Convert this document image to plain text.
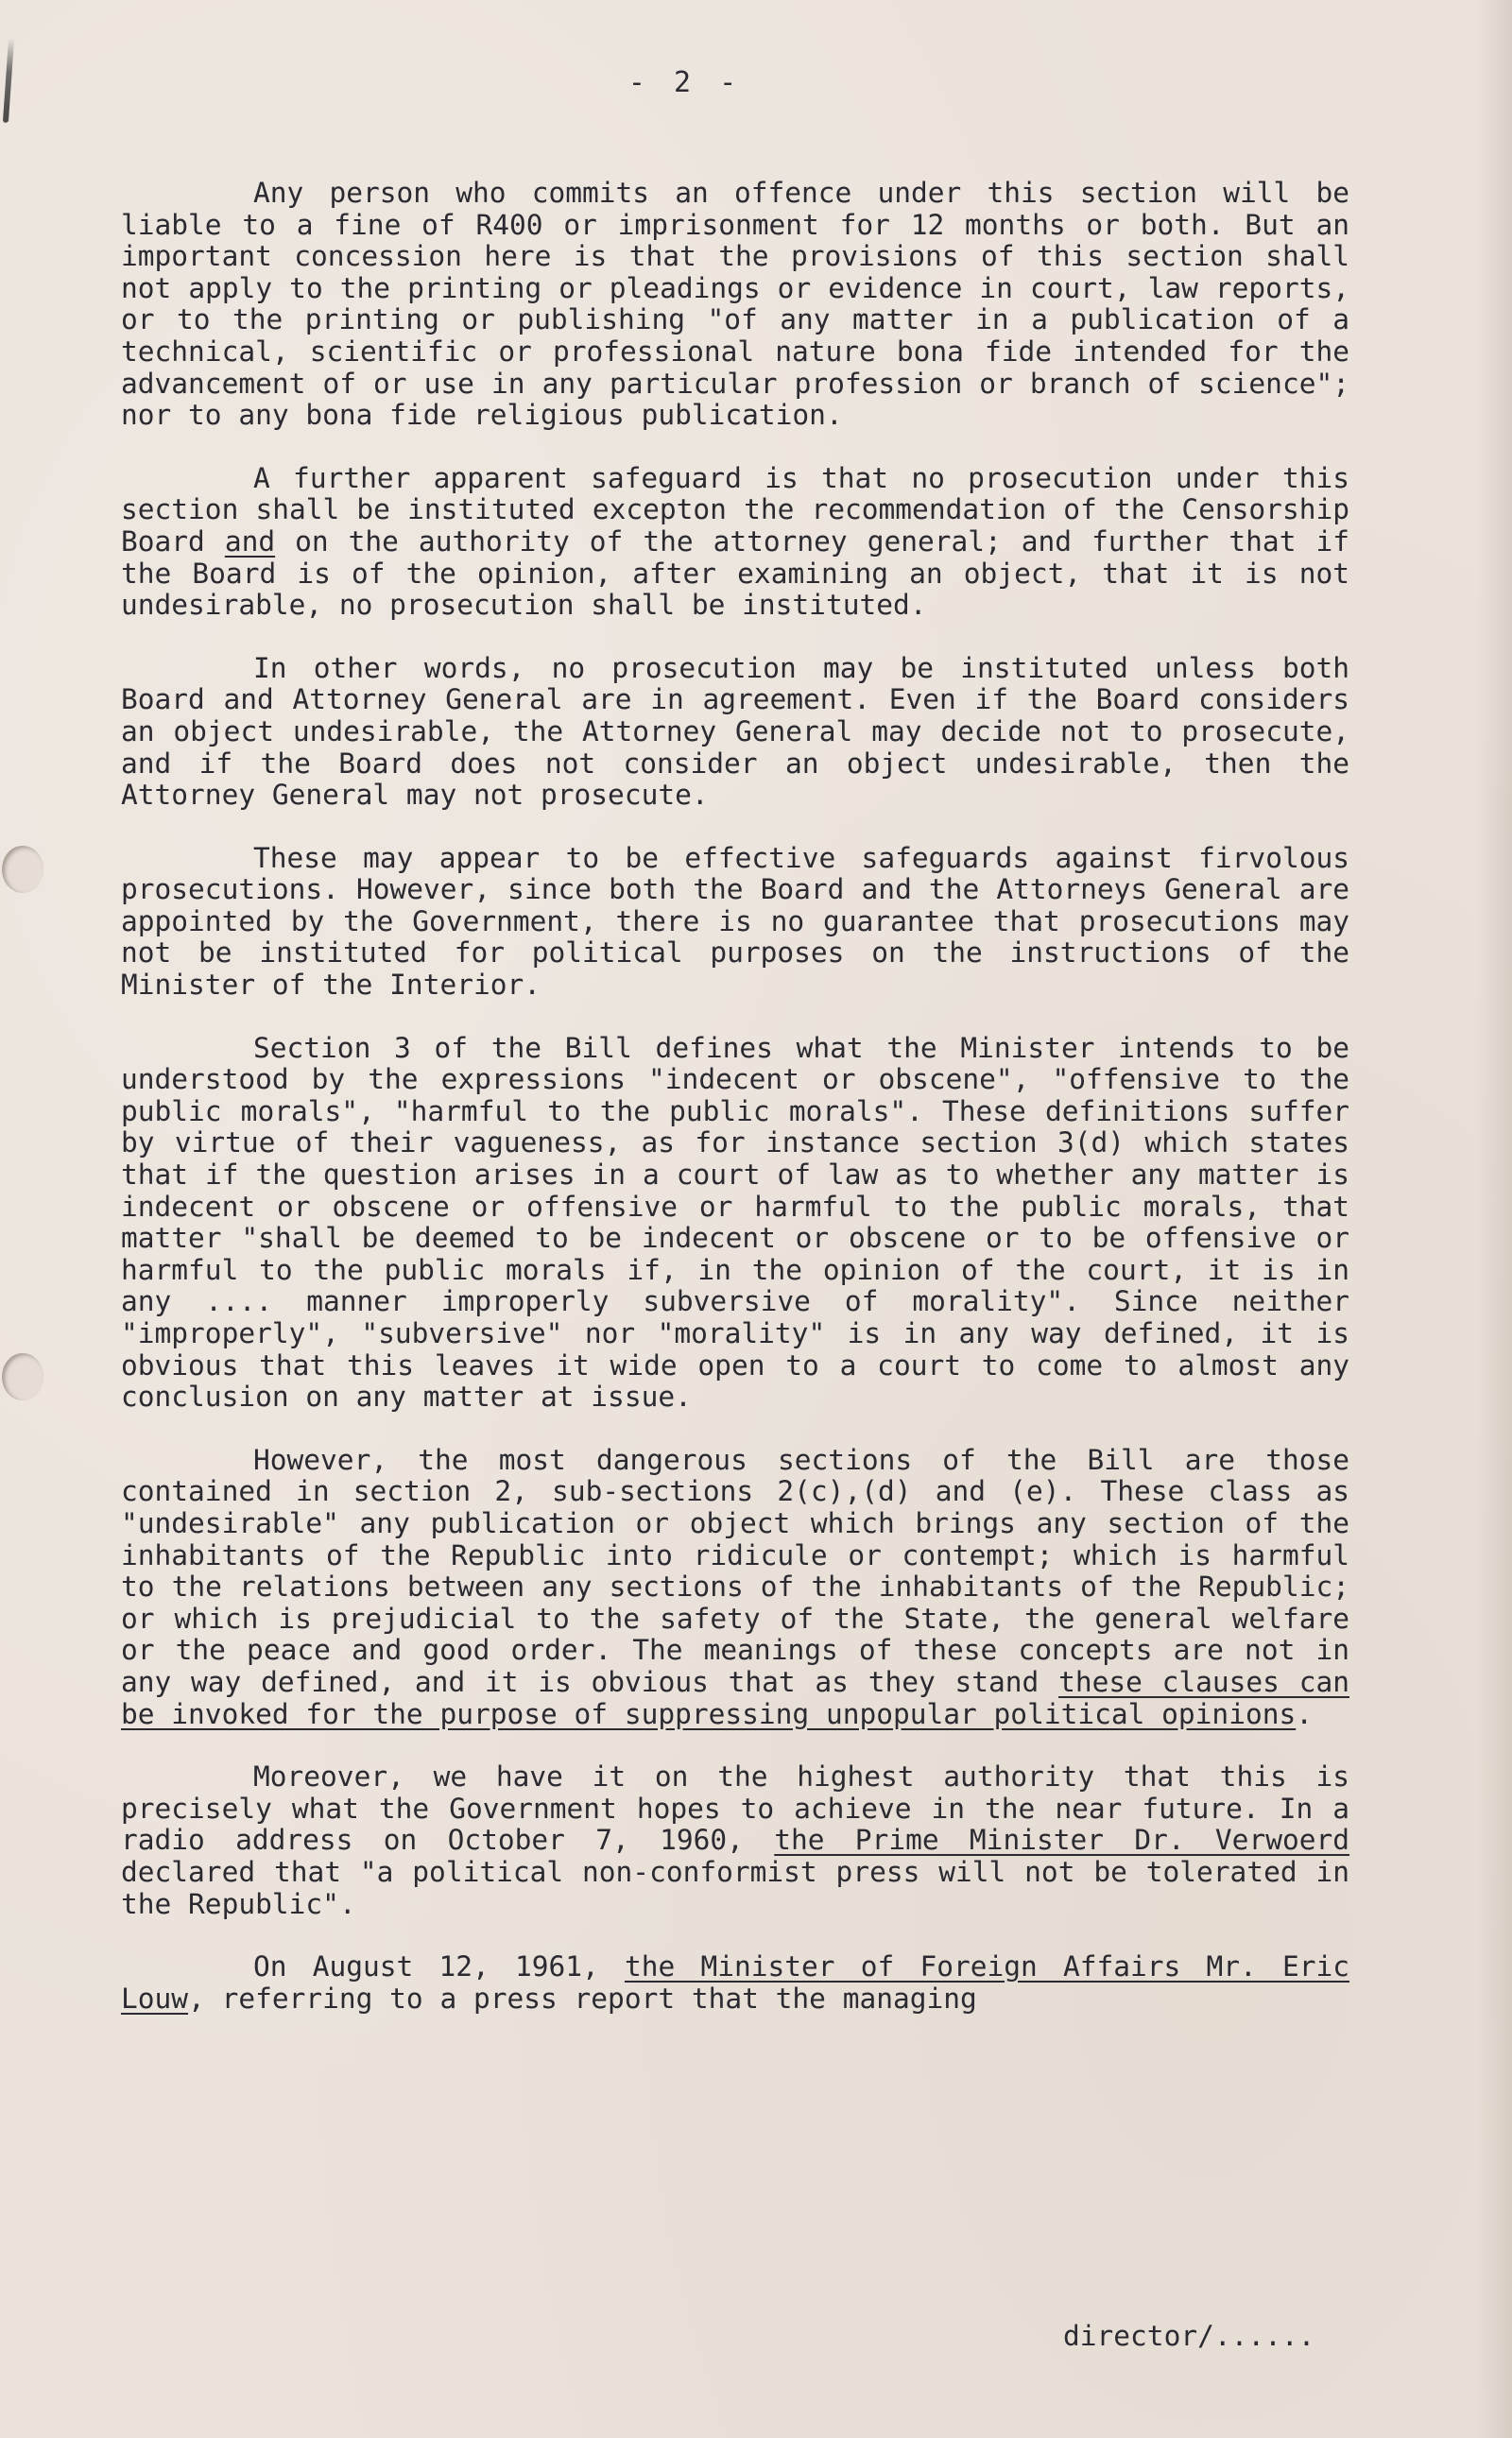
- 2 -

Any person who commits an offence under this section will be liable to a fine of R400 or imprisonment for 12 months or both. But an important concession here is that the provisions of this section shall not apply to the printing or pleadings or evidence in court, law reports, or to the printing or publishing "of any matter in a publication of a technical, scientific or professional nature bona fide intended for the advancement of or use in any particular profession or branch of science"; nor to any bona fide religious publication.

A further apparent safeguard is that no prosecution under this section shall be instituted excepton the recommendation of the Censorship Board and on the authority of the attorney general; and further that if the Board is of the opinion, after examining an object, that it is not undesirable, no prosecution shall be instituted.

In other words, no prosecution may be instituted unless both Board and Attorney General are in agreement. Even if the Board considers an object undesirable, the Attorney General may decide not to prosecute, and if the Board does not consider an object undesirable, then the Attorney General may not prosecute.

These may appear to be effective safeguards against firvolous prosecutions. However, since both the Board and the Attorneys General are appointed by the Government, there is no guarantee that prosecutions may not be instituted for political purposes on the instructions of the Minister of the Interior.

Section 3 of the Bill defines what the Minister intends to be understood by the expressions "indecent or obscene", "offensive to the public morals", "harmful to the public morals". These definitions suffer by virtue of their vagueness, as for instance section 3(d) which states that if the question arises in a court of law as to whether any matter is indecent or obscene or offensive or harmful to the public morals, that matter "shall be deemed to be indecent or obscene or to be offensive or harmful to the public morals if, in the opinion of the court, it is in any .... manner improperly subversive of morality". Since neither "improperly", "subversive" nor "morality" is in any way defined, it is obvious that this leaves it wide open to a court to come to almost any conclusion on any matter at issue.

However, the most dangerous sections of the Bill are those contained in section 2, sub-sections 2(c),(d) and (e). These class as "undesirable" any publication or object which brings any section of the inhabitants of the Republic into ridicule or contempt; which is harmful to the relations between any sections of the inhabitants of the Republic; or which is prejudicial to the safety of the State, the general welfare or the peace and good order. The meanings of these concepts are not in any way defined, and it is obvious that as they stand these clauses can be invoked for the purpose of suppressing unpopular political opinions.

Moreover, we have it on the highest authority that this is precisely what the Government hopes to achieve in the near future. In a radio address on October 7, 1960, the Prime Minister Dr. Verwoerd declared that "a political non-conformist press will not be tolerated in the Republic".

On August 12, 1961, the Minister of Foreign Affairs Mr. Eric Louw, referring to a press report that the managing

director/......
